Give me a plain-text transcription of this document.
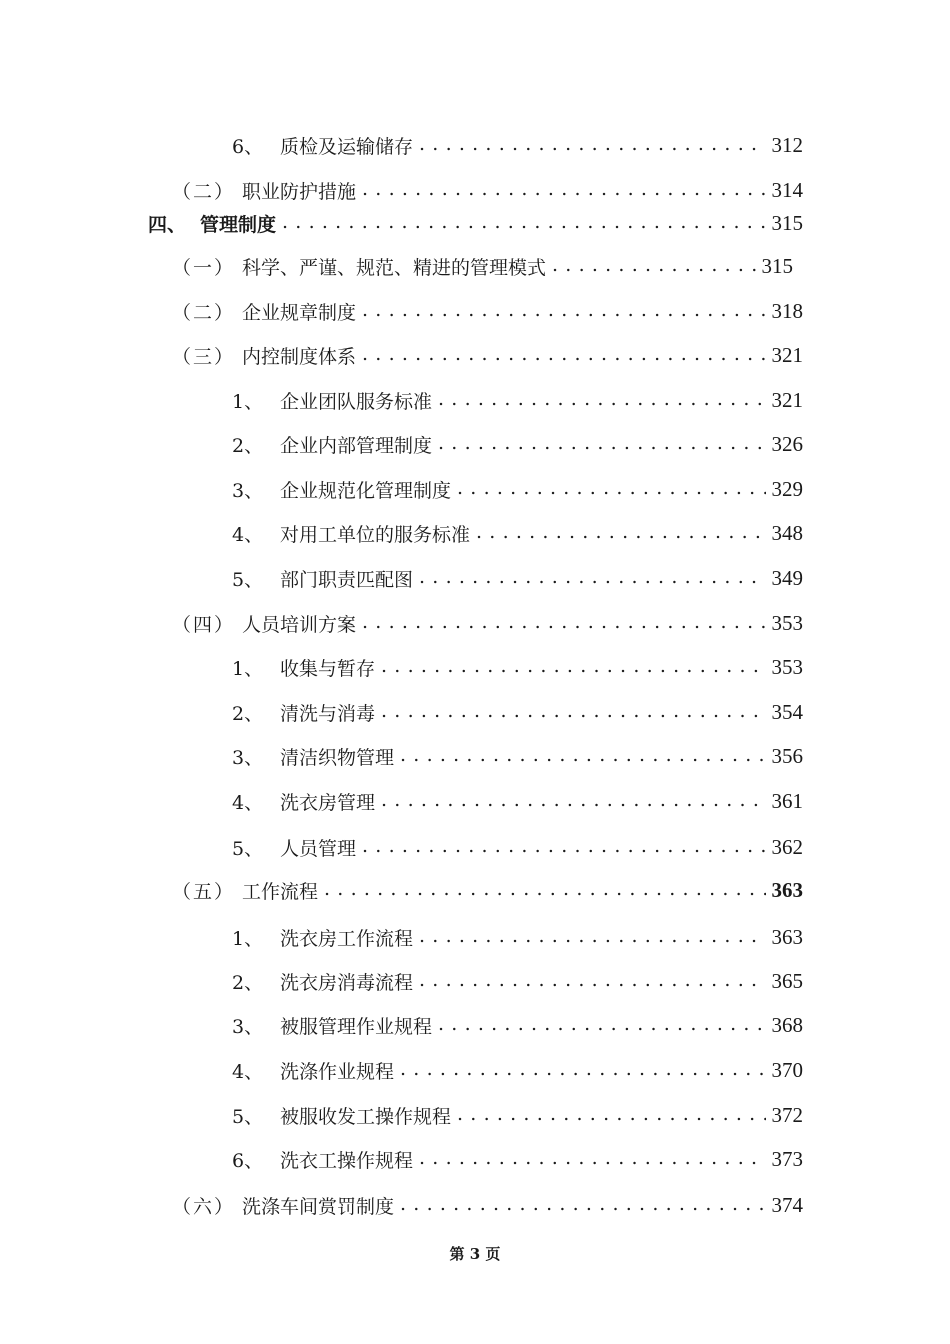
6、 质检及运输储存 . . .	312
（二） 职业防护措施 . . .	314
四、 管理制度 . . .	315
（一） 科学、严谨、规范、精进的管理模式 . . .	315
（二） 企业规章制度 . . .	318
（三） 内控制度体系 . . .	321
1、 企业团队服务标准 . . .	321
2、 企业内部管理制度 . . .	326
3、 企业规范化管理制度 . . .	329
4、 对用工单位的服务标准 . . .	348
5、 部门职责匹配图 . . .	349
（四） 人员培训方案 . . .	353
1、 收集与暂存 . . .	353
2、 清洗与消毒 . . .	354
3、 清洁织物管理 . . .	356
4、 洗衣房管理 . . .	361
5、 人员管理 . . .	362
（五） 工作流程 . . .	363
1、 洗衣房工作流程 . . .	363
2、 洗衣房消毒流程 . . .	365
3、 被服管理作业规程 . . .	368
4、 洗涤作业规程 . . .	370
5、 被服收发工操作规程 . . .	372
6、 洗衣工操作规程 . . .	373
（六） 洗涤车间赏罚制度 . . .	374
第 3 页
